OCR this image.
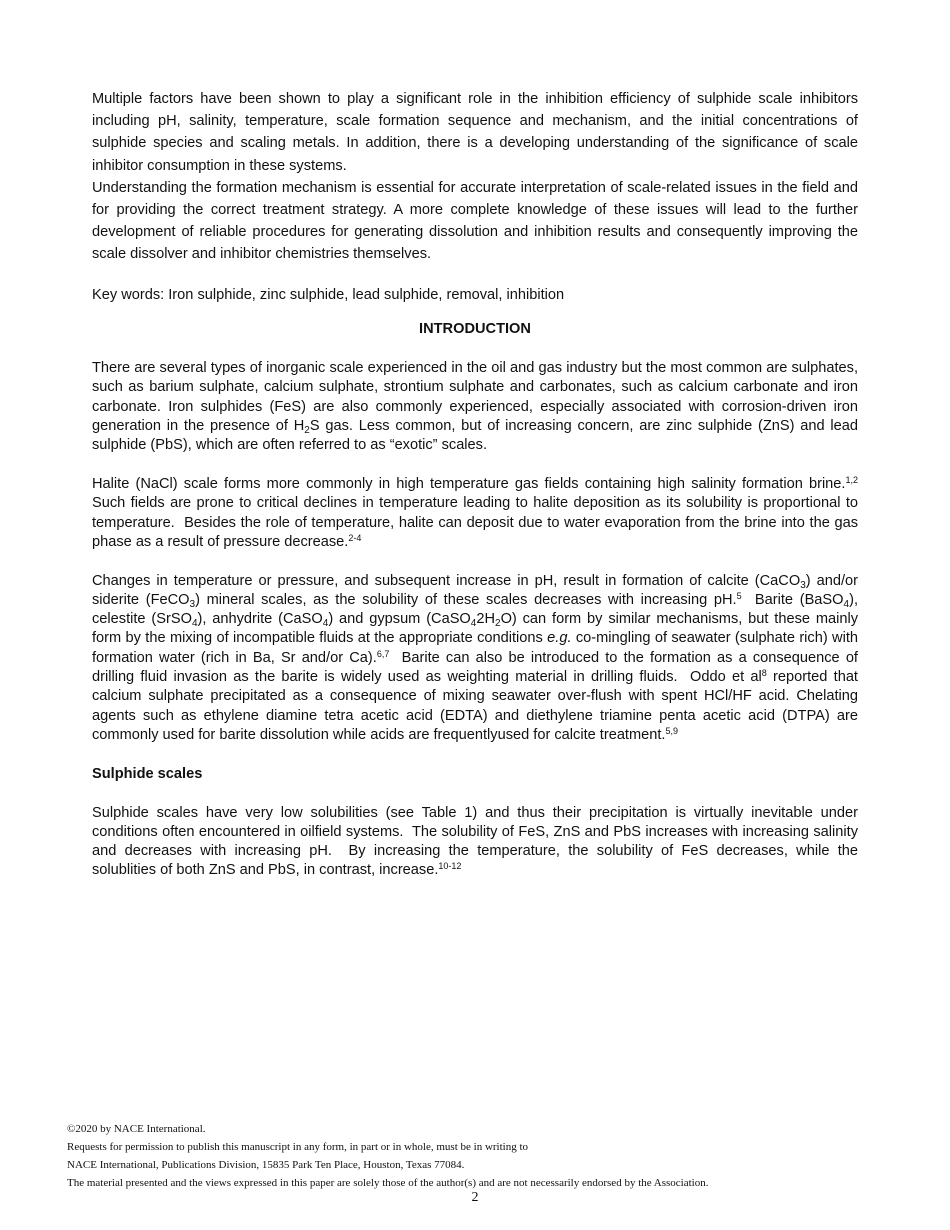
Multiple factors have been shown to play a significant role in the inhibition efficiency of sulphide scale inhibitors including pH, salinity, temperature, scale formation sequence and mechanism, and the initial concentrations of sulphide species and scaling metals. In addition, there is a developing understanding of the significance of scale inhibitor consumption in these systems.

Understanding the formation mechanism is essential for accurate interpretation of scale-related issues in the field and for providing the correct treatment strategy. A more complete knowledge of these issues will lead to the further development of reliable procedures for generating dissolution and inhibition results and consequently improving the scale dissolver and inhibitor chemistries themselves.

Key words: Iron sulphide, zinc sulphide, lead sulphide, removal, inhibition

INTRODUCTION

There are several types of inorganic scale experienced in the oil and gas industry but the most common are sulphates, such as barium sulphate, calcium sulphate, strontium sulphate and carbonates, such as calcium carbonate and iron carbonate. Iron sulphides (FeS) are also commonly experienced, especially associated with corrosion-driven iron generation in the presence of $H_2S$ gas. Less common, but of increasing concern, are zinc sulphide (ZnS) and lead sulphide (PbS), which are often referred to as “exotic” scales.

Halite (NaCl) scale forms more commonly in high temperature gas fields containing high salinity formation brine.$^{1,2}$  Such fields are prone to critical declines in temperature leading to halite deposition as its solubility is proportional to temperature.  Besides the role of temperature, halite can deposit due to water evaporation from the brine into the gas phase as a result of pressure decrease.$^{2-4}$

Changes in temperature or pressure, and subsequent increase in pH, result in formation of calcite (CaCO$_3$) and/or siderite (FeCO$_3$) mineral scales, as the solubility of these scales decreases with increasing pH.$^5$  Barite (BaSO$_4$), celestite (SrSO$_4$), anhydrite (CaSO$_4$) and gypsum $(CaSO_42H_2O)$ can form by similar mechanisms, but these mainly form by the mixing of incompatible fluids at the appropriate conditions e.g. co-mingling of seawater (sulphate rich) with formation water (rich in Ba, Sr and/or Ca).$^{6,7}$  Barite can also be introduced to the formation as a consequence of drilling fluid invasion as the barite is widely used as weighting material in drilling fluids.  Oddo et $al^8$ reported that calcium sulphate precipitated as a consequence of mixing seawater over-flush with spent HCl/HF acid. Chelating agents such as ethylene diamine tetra acetic acid (EDTA) and diethylene triamine penta acetic acid (DTPA) are commonly used for barite dissolution while acids are frequentlyused for calcite treatment.$^{5,9}$

Sulphide scales

Sulphide scales have very low solubilities (see Table 1) and thus their precipitation is virtually inevitable under conditions often encountered in oilfield systems.  The solubility of FeS, ZnS and PbS increases with increasing salinity and decreases with increasing pH.  By increasing the temperature, the solubility of FeS decreases, while the solublities of both ZnS and PbS, in contrast, increase.$^{10-12}$

©2020 by NACE International.
Requests for permission to publish this manuscript in any form, in part or in whole, must be in writing to
NACE International, Publications Division, 15835 Park Ten Place, Houston, Texas 77084.
The material presented and the views expressed in this paper are solely those of the author(s) and are not necessarily endorsed by the Association.
2
